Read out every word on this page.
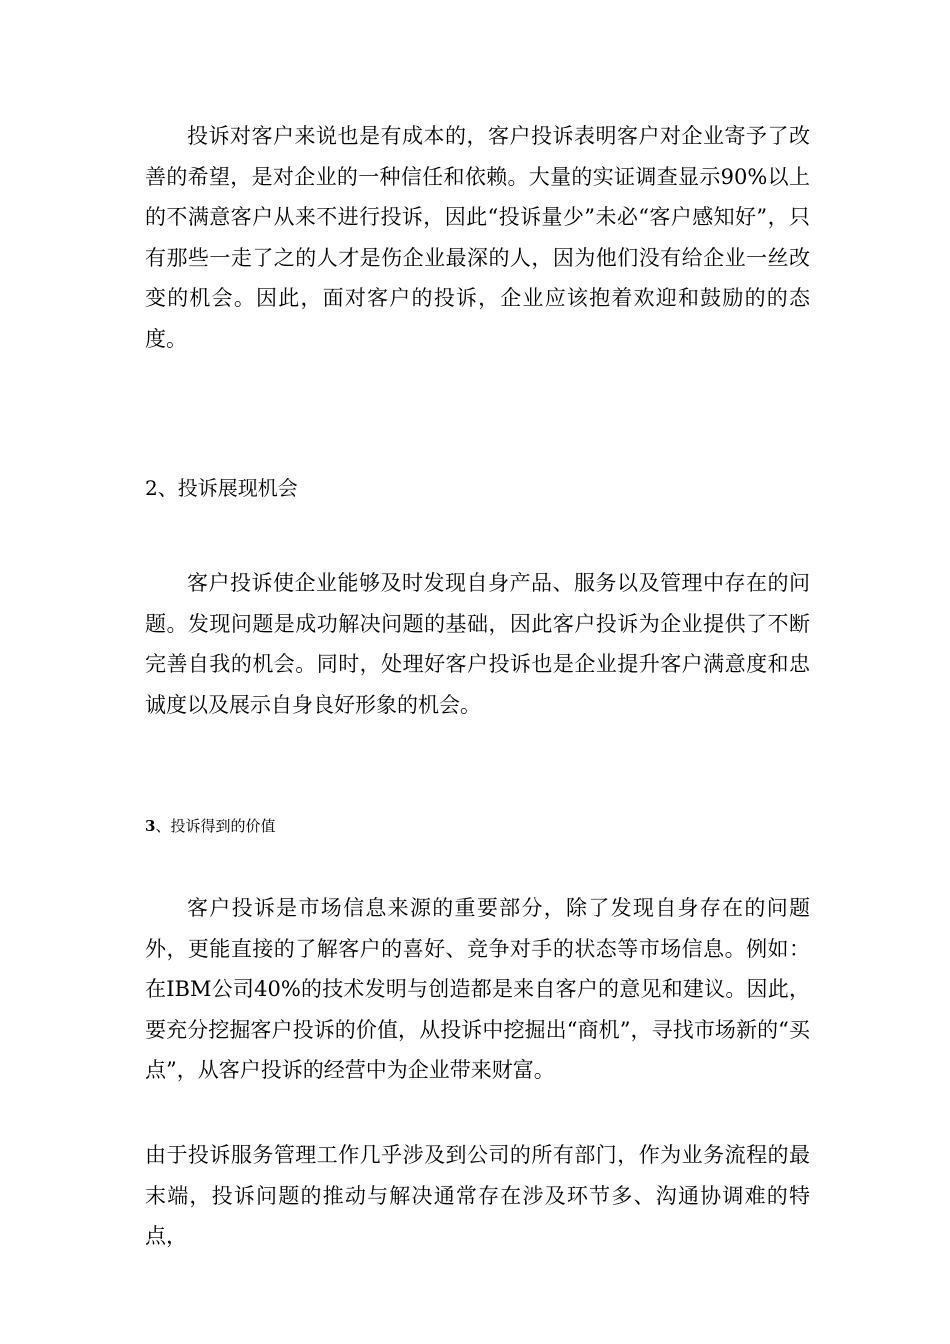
投诉对客户来说也是有成本的，客户投诉表明客户对企业寄予了改善的希望，是对企业的一种信任和依赖。大量的实证调查显示90%以上的不满意客户从来不进行投诉，因此“投诉量少”未必“客户感知好”，只有那些一走了之的人才是伤企业最深的人，因为他们没有给企业一丝改变的机会。因此，面对客户的投诉，企业应该抱着欢迎和鼓励的的态度。

2、投诉展现机会

客户投诉使企业能够及时发现自身产品、服务以及管理中存在的问题。发现问题是成功解决问题的基础，因此客户投诉为企业提供了不断完善自我的机会。同时，处理好客户投诉也是企业提升客户满意度和忠诚度以及展示自身良好形象的机会。

3、投诉得到的价值

客户投诉是市场信息来源的重要部分，除了发现自身存在的问题外，更能直接的了解客户的喜好、竞争对手的状态等市场信息。例如：在IBM公司40%的技术发明与创造都是来自客户的意见和建议。因此，要充分挖掘客户投诉的价值，从投诉中挖掘出“商机”，寻找市场新的“买点”，从客户投诉的经营中为企业带来财富。

由于投诉服务管理工作几乎涉及到公司的所有部门，作为业务流程的最末端，投诉问题的推动与解决通常存在涉及环节多、沟通协调难的特点，
